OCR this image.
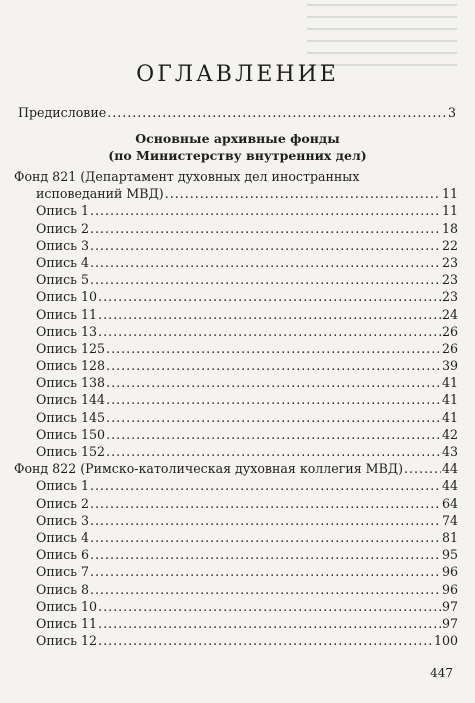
ОГЛАВЛЕНИЕ
Предисловие .....	3
Основные архивные фонды
(по Министерству внутренних дел)
Фонд 821 (Департамент духовных дел иностранных
исповеданий МВД) .....	11
Опись 1 .....	11
Опись 2 .....	18
Опись 3 .....	22
Опись 4 .....	23
Опись 5 .....	23
Опись 10 .....	23
Опись 11 .....	24
Опись 13 .....	26
Опись 125 .....	26
Опись 128 .....	39
Опись 138 .....	41
Опись 144 .....	41
Опись 145 .....	41
Опись 150 .....	42
Опись 152 .....	43
Фонд 822 (Римско-католическая духовная коллегия МВД) .....	44
Опись 1 .....	44
Опись 2 .....	64
Опись 3 .....	74
Опись 4 .....	81
Опись 6 .....	95
Опись 7 .....	96
Опись 8 .....	96
Опись 10 .....	97
Опись 11 .....	97
Опись 12 .....	100
447
